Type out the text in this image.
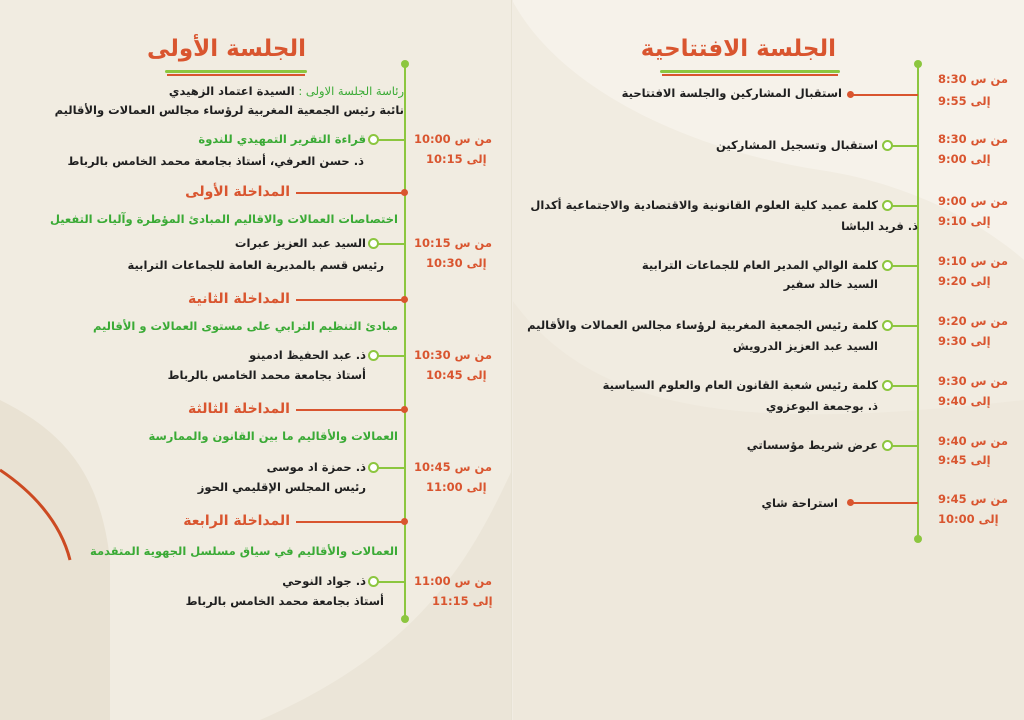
الجلسة الافتتاحية
من س 8:30
إلى 9:55
استقبال المشاركين والجلسة الافتتاحية
من س 8:30
إلى 9:00
استقبال وتسجيل المشاركين
من س 9:00
إلى 9:10
كلمة عميد كلية العلوم القانونية والاقتصادية والاجتماعية أكدال
ذ. فريد الباشا
من س 9:10
إلى 9:20
كلمة الوالي المدير العام للجماعات الترابية
السيد خالد سفير
من س 9:20
إلى 9:30
كلمة رئيس الجمعية المغربية لرؤساء مجالس العمالات والأقاليم
السيد عبد العزيز الدرويش
من س 9:30
إلى 9:40
كلمة رئيس شعبة القانون العام والعلوم السياسية
ذ. بوجمعة البوعزوي
من س 9:40
إلى 9:45
عرض شريط مؤسساتي
من س 9:45
إلى 10:00
استراحة شاي
الجلسة الأولى
رئاسة الجلسة الاولى : السيدة اعتماد الزهيدي
نائبة رئيس الجمعية المغربية لرؤساء مجالس العمالات والأقاليم
من س 10:00
إلى 10:15
قراءة التقرير التمهيدي للندوة
ذ. حسن العرفي، أستاذ بجامعة محمد الخامس بالرباط
المداخلة الأولى
اختصاصات العمالات والاقاليم المبادئ المؤطرة وآليات التفعيل
من س 10:15
إلى 10:30
السيد عبد العزيز عبرات
رئيس قسم بالمديرية العامة للجماعات الترابية
المداخلة الثانية
مبادئ التنظيم الترابي على مستوى العمالات و الأقاليم
من س 10:30
إلى 10:45
ذ. عبد الحفيظ ادمينو
أستاذ بجامعة محمد الخامس بالرباط
المداخلة الثالثة
العمالات والأقاليم ما بين القانون والممارسة
من س 10:45
إلى 11:00
ذ. حمزة اد موسى
رئيس المجلس الإقليمي الحوز
المداخلة الرابعة
العمالات والأقاليم في سياق مسلسل الجهوية المتقدمة
من س 11:00
إلى 11:15
ذ. جواد النوحي
أستاذ بجامعة محمد الخامس بالرباط
